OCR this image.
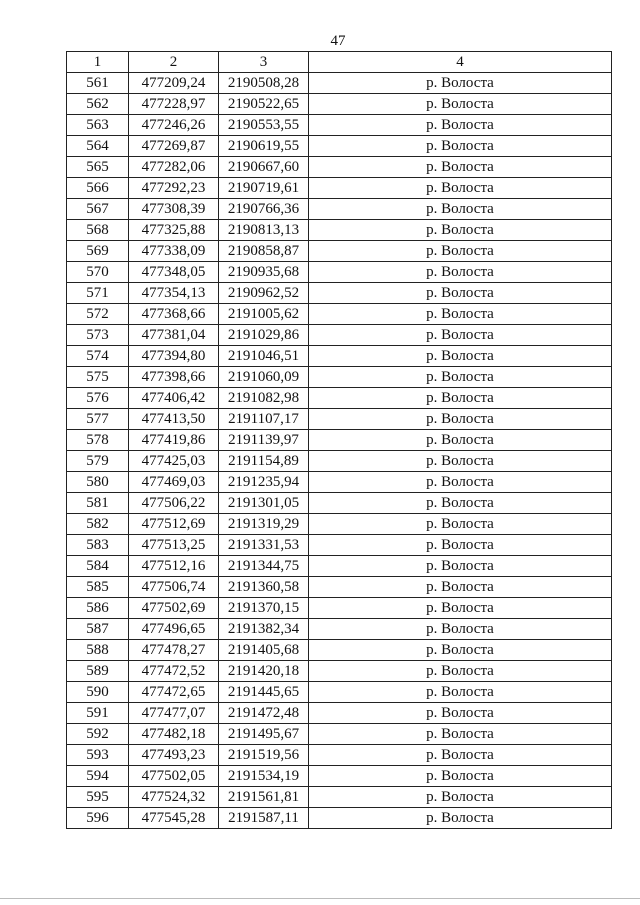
47
1	2	3	4
561	477209,24	2190508,28	р. Волоста
562	477228,97	2190522,65	р. Волоста
563	477246,26	2190553,55	р. Волоста
564	477269,87	2190619,55	р. Волоста
565	477282,06	2190667,60	р. Волоста
566	477292,23	2190719,61	р. Волоста
567	477308,39	2190766,36	р. Волоста
568	477325,88	2190813,13	р. Волоста
569	477338,09	2190858,87	р. Волоста
570	477348,05	2190935,68	р. Волоста
571	477354,13	2190962,52	р. Волоста
572	477368,66	2191005,62	р. Волоста
573	477381,04	2191029,86	р. Волоста
574	477394,80	2191046,51	р. Волоста
575	477398,66	2191060,09	р. Волоста
576	477406,42	2191082,98	р. Волоста
577	477413,50	2191107,17	р. Волоста
578	477419,86	2191139,97	р. Волоста
579	477425,03	2191154,89	р. Волоста
580	477469,03	2191235,94	р. Волоста
581	477506,22	2191301,05	р. Волоста
582	477512,69	2191319,29	р. Волоста
583	477513,25	2191331,53	р. Волоста
584	477512,16	2191344,75	р. Волоста
585	477506,74	2191360,58	р. Волоста
586	477502,69	2191370,15	р. Волоста
587	477496,65	2191382,34	р. Волоста
588	477478,27	2191405,68	р. Волоста
589	477472,52	2191420,18	р. Волоста
590	477472,65	2191445,65	р. Волоста
591	477477,07	2191472,48	р. Волоста
592	477482,18	2191495,67	р. Волоста
593	477493,23	2191519,56	р. Волоста
594	477502,05	2191534,19	р. Волоста
595	477524,32	2191561,81	р. Волоста
596	477545,28	2191587,11	р. Волоста
